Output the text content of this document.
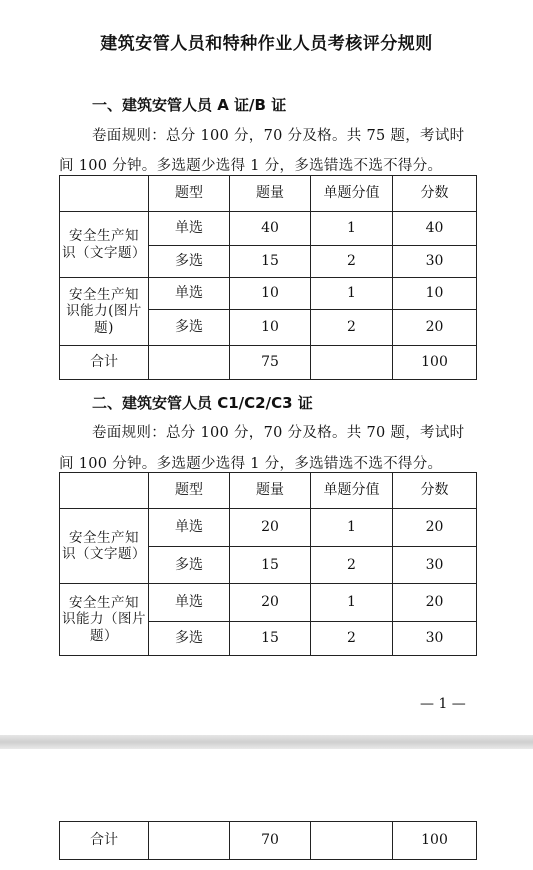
建筑安管人员和特种作业人员考核评分规则
一、建筑安管人员 A 证/B 证
卷面规则：总分 100 分，70 分及格。共 75 题，考试时
间 100 分钟。多选题少选得 1 分，多选错选不选不得分。
	题型	题量	单题分值	分数

安全生产知
识（文字题）	单选	40	1	40
	多选	15	2	30

安全生产知
识能力(图片
题)	单选	10	1	10
	多选	10	2	20
合计		75		100
二、建筑安管人员 C1/C2/C3 证
卷面规则：总分 100 分，70 分及格。共 70 题，考试时
间 100 分钟。多选题少选得 1 分，多选错选不选不得分。
	题型	题量	单题分值	分数

安全生产知
识（文字题）	单选	20	1	20
	多选	15	2	30

安全生产知
识能力（图片
题）	单选	20	1	20
	多选	15	2	30
— 1 —
合计		70		100
